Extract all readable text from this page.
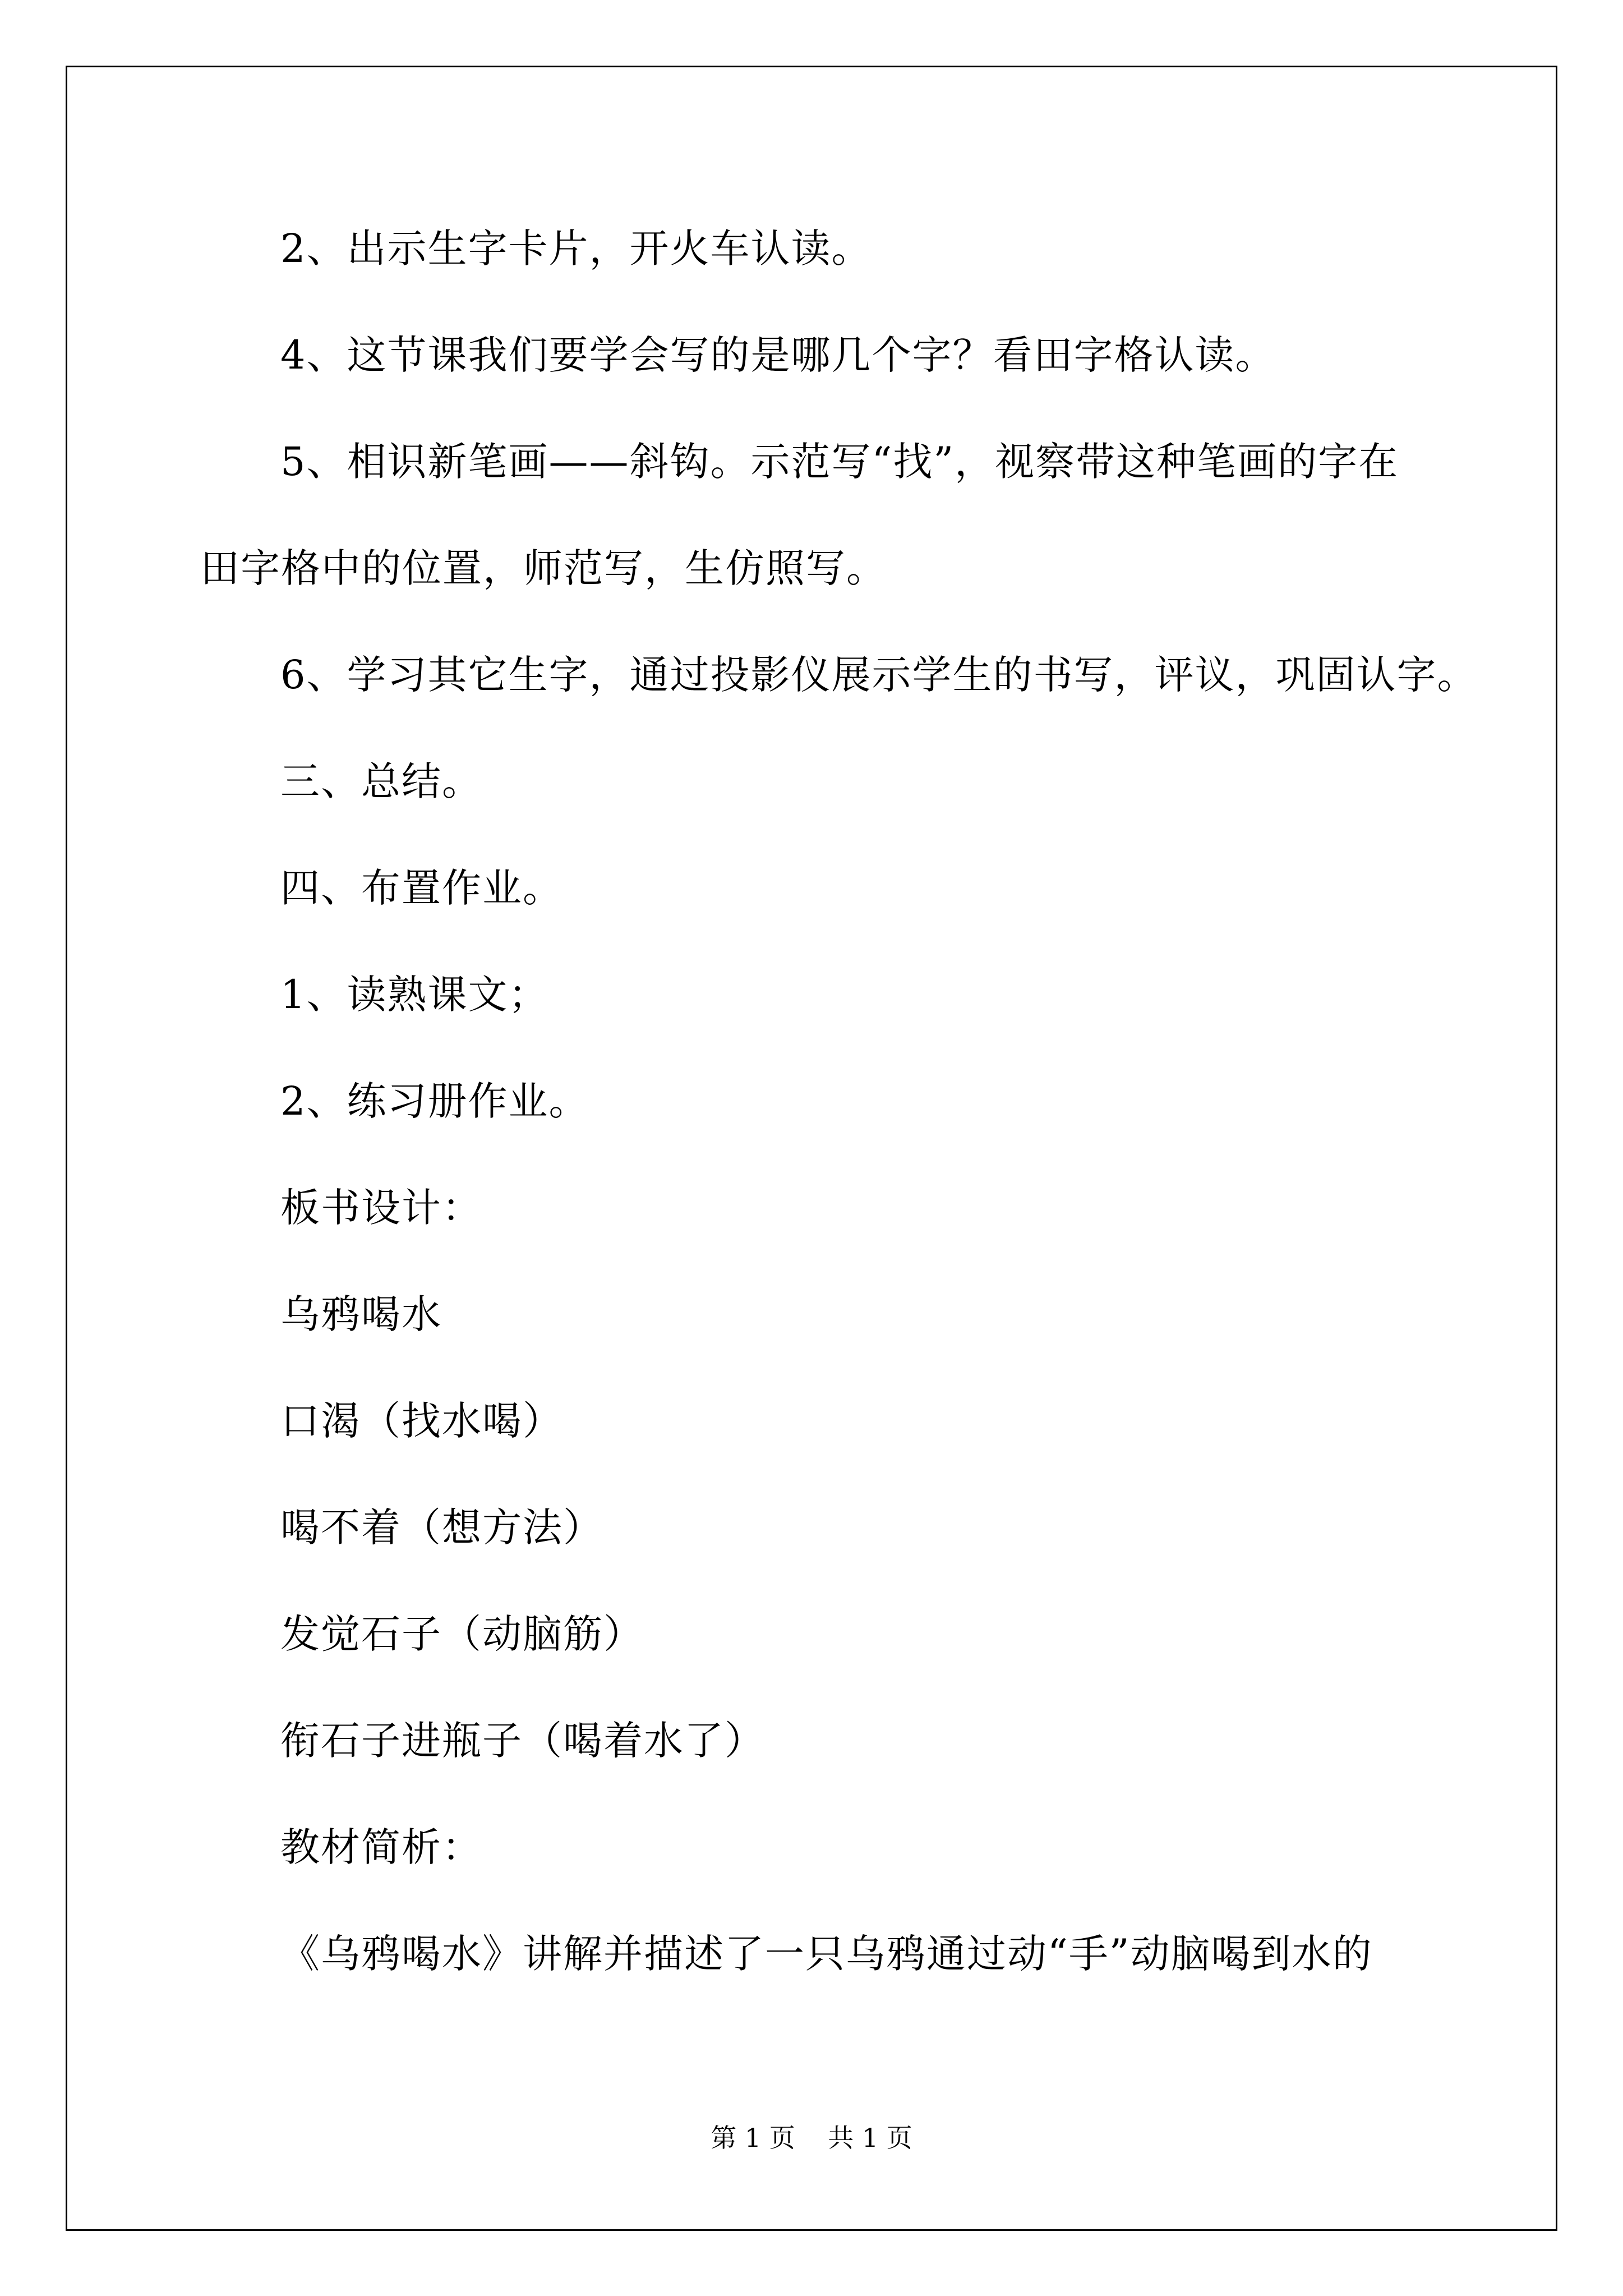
2、出示生字卡片，开火车认读。
4、这节课我们要学会写的是哪几个字？看田字格认读。
5、相识新笔画——斜钩。示范写“找”，视察带这种笔画的字在
田字格中的位置，师范写，生仿照写。
6、学习其它生字，通过投影仪展示学生的书写，评议，巩固认字。
三、总结。
四、布置作业。
1、读熟课文；
2、练习册作业。
板书设计：
乌鸦喝水
口渴（找水喝）
喝不着（想方法）
发觉石子（动脑筋）
衔石子进瓶子（喝着水了）
教材简析：
《乌鸦喝水》讲解并描述了一只乌鸦通过动“手”动脑喝到水的
第 1 页    共 1 页
